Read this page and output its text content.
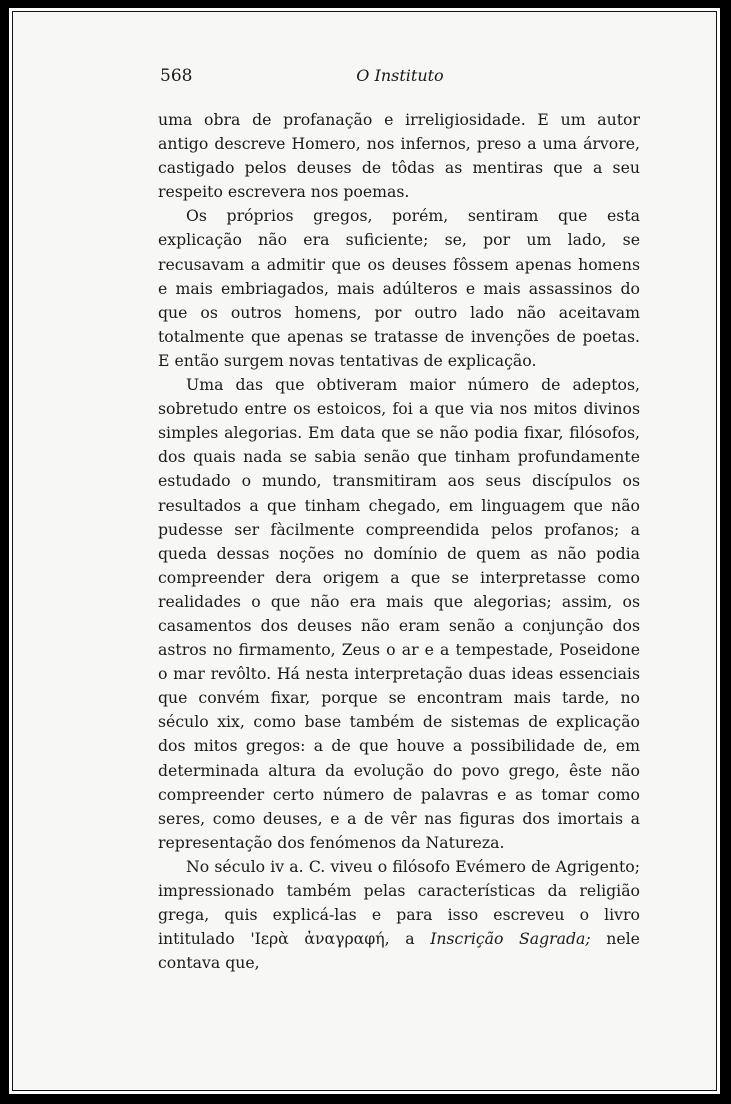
568	O Instituto

uma obra de profanação e irreligiosidade. E um autor antigo descreve Homero, nos infernos, preso a uma árvore, castigado pelos deuses de tôdas as mentiras que a seu respeito escrevera nos poemas.

Os próprios gregos, porém, sentiram que esta explicação não era suficiente; se, por um lado, se recusavam a admitir que os deuses fôssem apenas homens e mais embriagados, mais adúlteros e mais assassinos do que os outros homens, por outro lado não aceitavam totalmente que apenas se tratasse de invenções de poetas. E então surgem novas tentativas de explicação.

Uma das que obtiveram maior número de adeptos, sobretudo entre os estoicos, foi a que via nos mitos divinos simples alegorias. Em data que se não podia fixar, filósofos, dos quais nada se sabia senão que tinham profundamente estudado o mundo, transmitiram aos seus discípulos os resultados a que tinham chegado, em linguagem que não pudesse ser fàcilmente compreendida pelos profanos; a queda dessas noções no domínio de quem as não podia compreender dera origem a que se interpretasse como realidades o que não era mais que alegorias; assim, os casamentos dos deuses não eram senão a conjunção dos astros no firmamento, Zeus o ar e a tempestade, Poseidone o mar revôlto. Há nesta interpretação duas ideas essenciais que convém fixar, porque se encontram mais tarde, no século xix, como base também de sistemas de explicação dos mitos gregos: a de que houve a possibilidade de, em determinada altura da evolução do povo grego, êste não compreender certo número de palavras e as tomar como seres, como deuses, e a de vêr nas figuras dos imortais a representação dos fenómenos da Natureza.

No século iv a. C. viveu o filósofo Evémero de Agrigento; impressionado também pelas características da religião grega, quis explicá-las e para isso escreveu o livro intitulado 'Ιερὰ ἀναγραφή, a Inscrição Sagrada; nele contava que,
